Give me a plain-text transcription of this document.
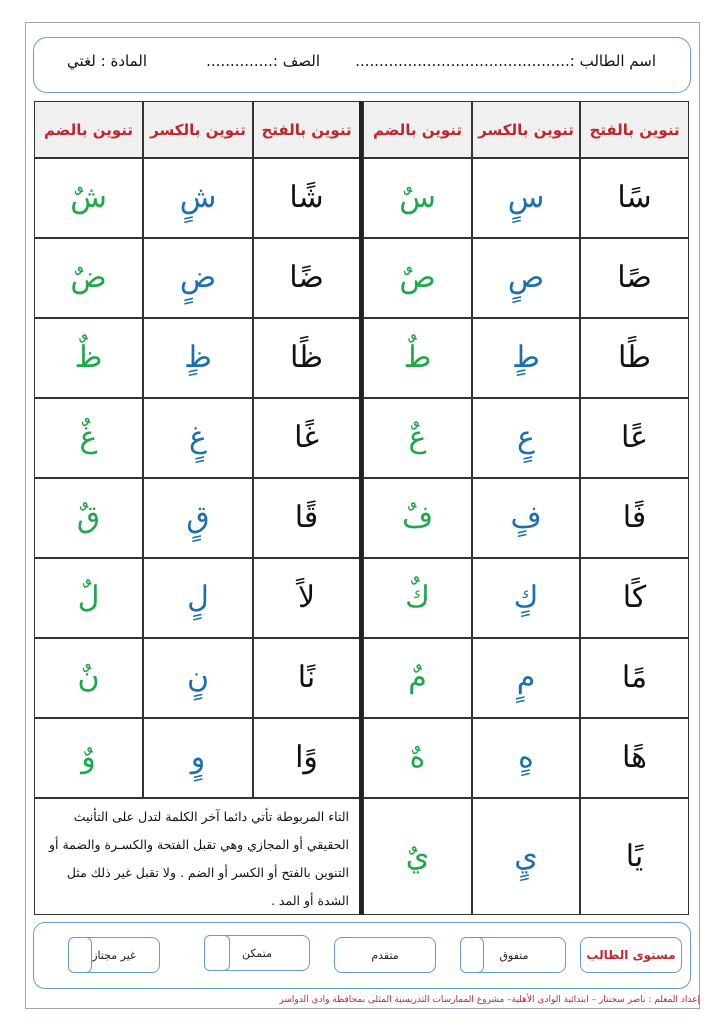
اسم الطالب :.............................................
الصف :..............
المادة : لغتي
تنوين بالفتح
تنوين بالكسر
تنوين بالضم
تنوين بالفتح
تنوين بالكسر
تنوين بالضم
سًا
سٍ
سٌ
صًا
صٍ
صٌ
طًا
طٍ
طٌ
عًا
عٍ
عٌ
فًا
فٍ
فٌ
كًا
كٍ
كٌ
مًا
مٍ
مٌ
هًا
هٍ
هٌ
يًا
يٍ
يٌ
شًا
شٍ
شٌ
ضًا
ضٍ
ضٌ
ظًا
ظٍ
ظٌ
غًا
غٍ
غٌ
قًا
قٍ
قٌ
لاً
لٍ
لٌ
نًا
نٍ
نٌ
وًا
وٍ
وٌ
التاء المربوطة تأتي دائما آخر الكلمة لتدل على التأنيث الحقيقي أو المجازي وهي تقبل الفتحة والكسـرة والضمة أو التنوين بالفتح أو الكسر أو الضم . ولا تقبل غير ذلك مثل الشدة أو المد .
مستوى الطالب
متفوق
متقدم
متمكن
غير مجتاز
إعداد المعلم : ناصر سخنتار – ابتدائية الوادي الأهلية– مشروع الممارسات التدريسية المثلى بمحافظة وادي الدواسر
